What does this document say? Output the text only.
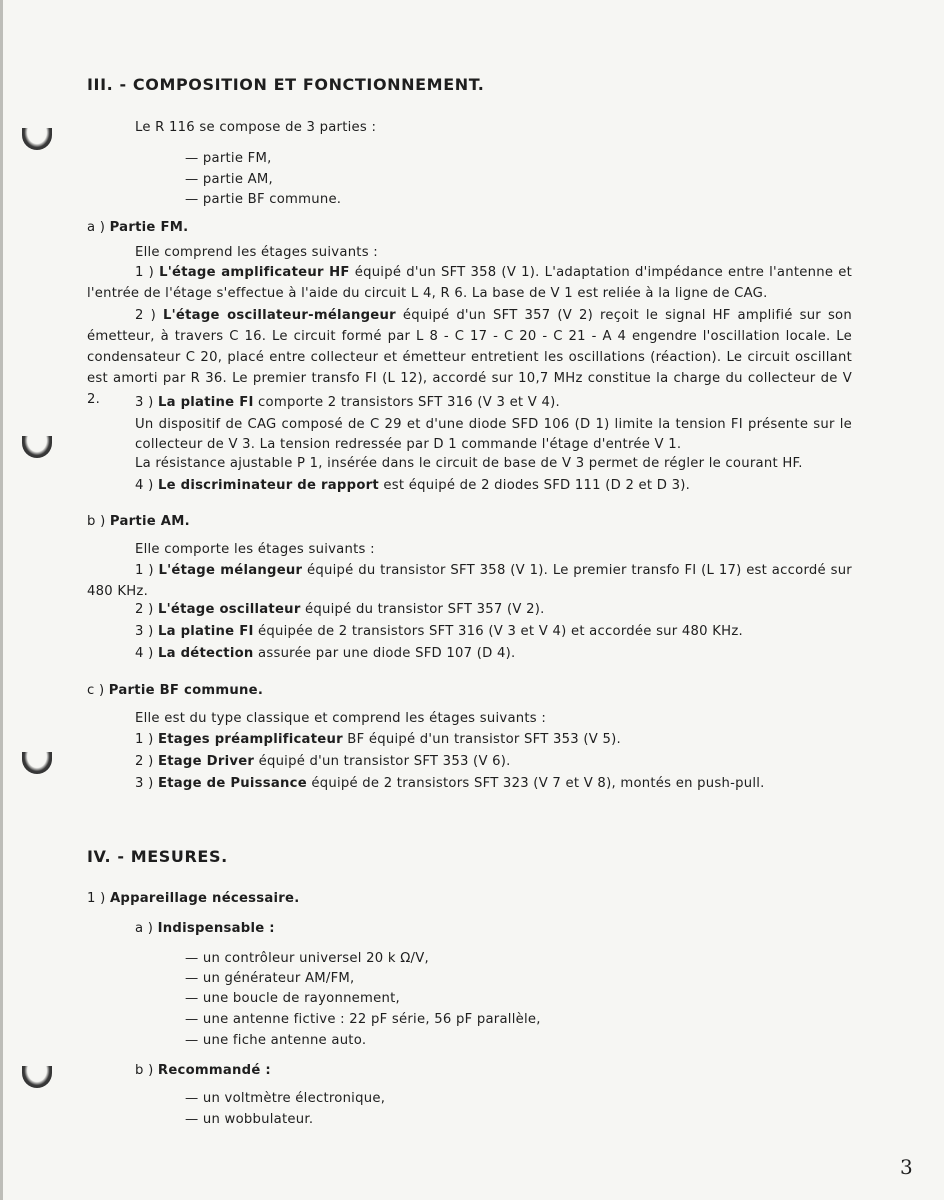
III. - COMPOSITION ET FONCTIONNEMENT.
Le R 116 se compose de 3 parties :
— partie FM,
— partie AM,
— partie BF commune.
a ) Partie FM.
Elle comprend les étages suivants :
1 ) L'étage amplificateur HF équipé d'un SFT 358 (V 1). L'adaptation d'impédance entre l'antenne et l'entrée de l'étage s'effectue à l'aide du circuit L 4, R 6. La base de V 1 est reliée à la ligne de CAG.
2 ) L'étage oscillateur-mélangeur équipé d'un SFT 357 (V 2) reçoit le signal HF amplifié sur son émetteur, à travers C 16. Le circuit formé par L 8 - C 17 - C 20 - C 21 - A 4 engendre l'oscillation locale. Le condensateur C 20, placé entre collecteur et émetteur entretient les oscillations (réaction). Le circuit oscillant est amorti par R 36. Le premier transfo FI (L 12), accordé sur 10,7 MHz constitue la charge du collecteur de V 2.	3 ) La platine FI comporte 2 transistors SFT 316 (V 3 et V 4).
Un dispositif de CAG composé de C 29 et d'une diode SFD 106 (D 1) limite la tension FI présente sur le collecteur de V 3. La tension redressée par D 1 commande l'étage d'entrée V 1.
La résistance ajustable P 1, insérée dans le circuit de base de V 3 permet de régler le courant HF.
4 ) Le discriminateur de rapport est équipé de 2 diodes SFD 111 (D 2 et D 3).
b ) Partie AM.
Elle comporte les étages suivants :
1 ) L'étage mélangeur équipé du transistor SFT 358 (V 1). Le premier transfo FI (L 17) est accordé sur 480 KHz.
2 ) L'étage oscillateur équipé du transistor SFT 357 (V 2).
3 ) La platine FI équipée de 2 transistors SFT 316 (V 3 et V 4) et accordée sur 480 KHz.
4 ) La détection assurée par une diode SFD 107 (D 4).
c ) Partie BF commune.
Elle est du type classique et comprend les étages suivants :
1 ) Etages préamplificateur BF équipé d'un transistor SFT 353 (V 5).
2 ) Etage Driver équipé d'un transistor SFT 353 (V 6).
3 ) Etage de Puissance équipé de 2 transistors SFT 323 (V 7 et V 8), montés en push-pull.
IV. - MESURES.
1 ) Appareillage nécessaire.
a ) Indispensable :
— un contrôleur universel 20 k Ω/V,
— un générateur AM/FM,
— une boucle de rayonnement,
— une antenne fictive : 22 pF série, 56 pF parallèle,
— une fiche antenne auto.
b ) Recommandé :
— un voltmètre électronique,
— un wobbulateur.
3
